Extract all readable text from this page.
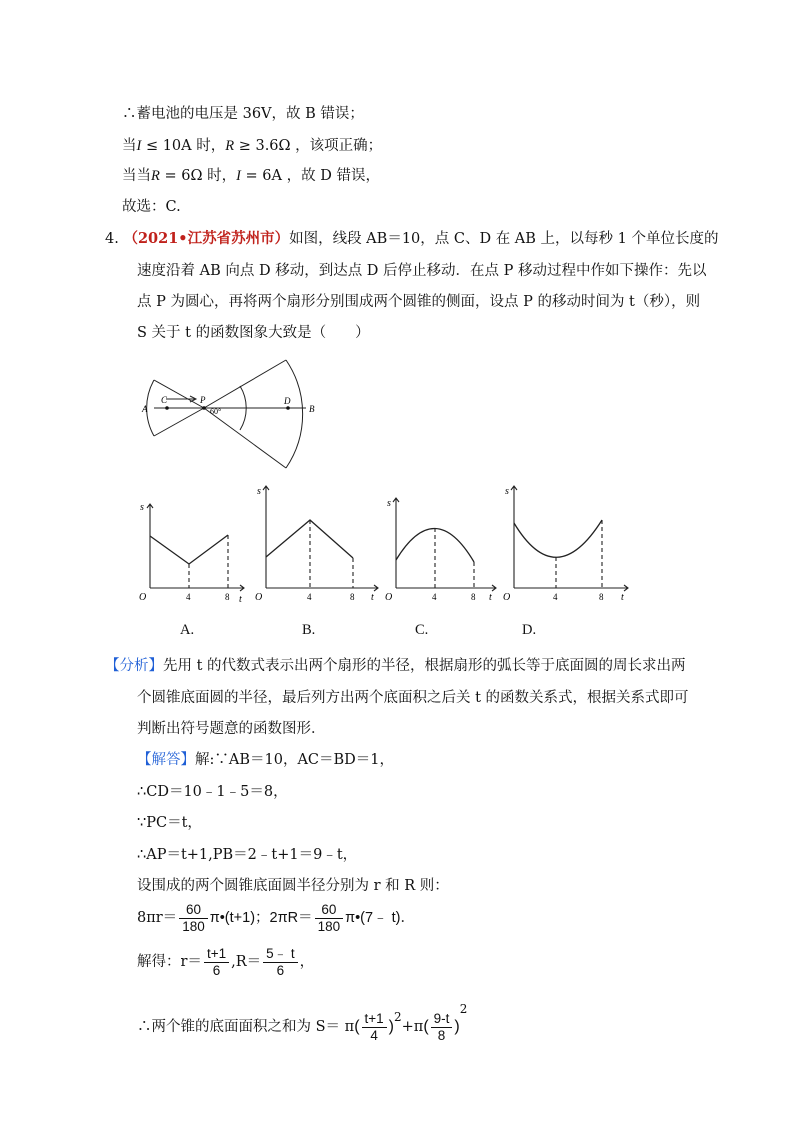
∴蓄电池的电压是 36V，故 B 错误；
当I ≤ 10A 时，R ≥ 3.6Ω ，该项正确；
当当R = 6Ω 时，I = 6A ，故 D 错误，
故选：C.
4. （2021•江苏省苏州市）如图，线段 AB＝10，点 C、D 在 AB 上，以每秒 1 个单位长度的
速度沿着 AB 向点 D 移动，到达点 D 后停止移动．在点 P 移动过程中作如下操作：先以
点 P 为圆心，再将两个扇形分别围成两个圆锥的侧面，设点 P 的移动时间为 t（秒），则
S 关于 t 的函数图象大致是（　　）
A
C	P
60°
D
B
s
t
O	4	8
s
t
O	4	8
s
t
O	4	8
s
t
O	4	8
A.	B.	C.	D.
【分析】先用 t 的代数式表示出两个扇形的半径，根据扇形的弧长等于底面圆的周长求出两
个圆锥底面圆的半径，最后列方出两个底面积之后关 t 的函数关系式，根据关系式即可
判断出符号题意的函数图形．
【解答】解:∵AB＝10，AC＝BD＝1，
∴CD＝10﹣1﹣5＝8，
∵PC＝t，
∴AP＝t+1,PB＝2﹣t+1＝9﹣t，
设围成的两个圆锥底面圆半径分别为 r 和 R 则：
$8\pi r= \frac{60}{180}$ π•(t+1)；$2\pi R= \frac{60}{180}$ π•(7﹣ t)．
解得：$r= \frac{t+1}{6} ,R= \frac{5﹣ t}{6}$ ，
∴两个锥的底面面积之和为 $S= \pi( \frac{t+1}{4} )^2+\pi( \frac{9-t}{8} )^2$
